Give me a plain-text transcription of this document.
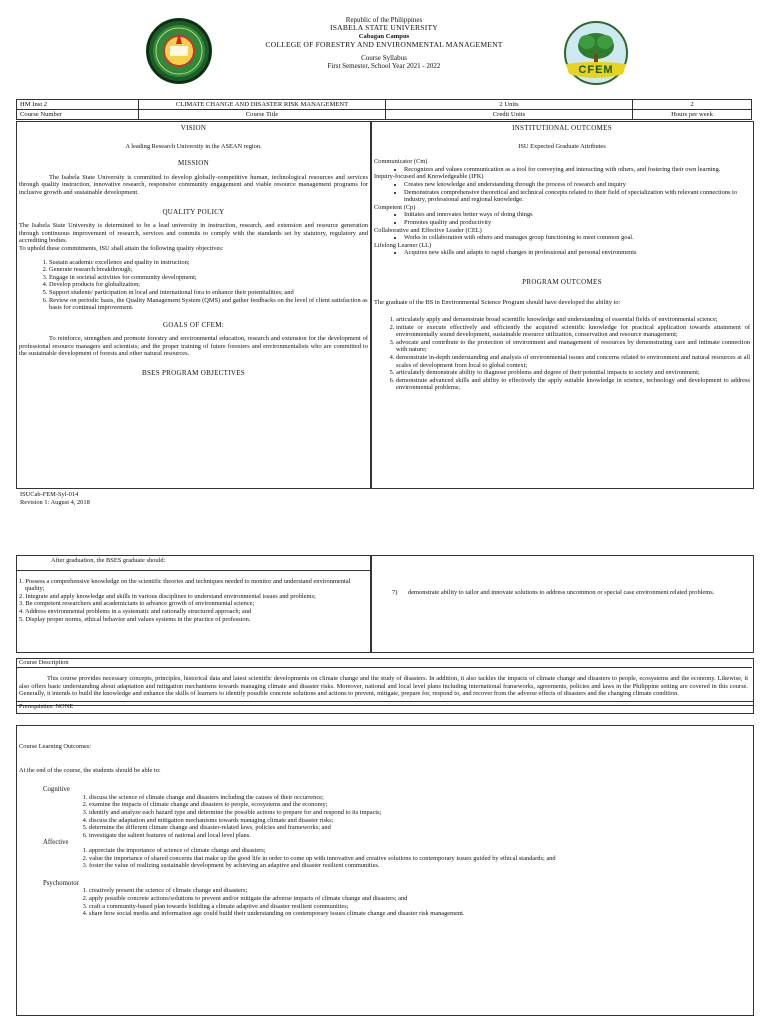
CFEM
Republic of the Philippines
ISABELA STATE UNIVERSITY
Cabagan Campus
COLLEGE OF FORESTRY AND ENVIRONMENTAL MANAGEMENT
Course Syllabus
First Semester, School Year 2021 - 2022
HM Inst 2	CLIMATE CHANGE AND DISASTER RISK MANAGEMENT	2 Units	2
Course Number	Course Title	Credit Units	Hours per week
VISION
A leading Research University in the ASEAN region.
MISSION
The Isabela State University is committed to develop globally-competitive human, technological resources and services through quality instruction, innovative research, responsive community engagement and viable resource management programs for inclusive growth and sustainable development.
QUALITY POLICY
The Isabela State University is determined to be a lead university in instruction, research, and extension and resource generation through continuous improvement of research, services and commits to comply with the standards set by statutory, regulatory and accrediting bodies.
To uphold these commitments, ISU shall attain the following quality objectives:
1. Sustain academic excellence and quality in instruction;
2. Generate research breakthrough;
3. Engage in societal activities for community development;
4. Develop products for globalization;
5. Support students' participation in local and international fora to enhance their potentialities; and
6. Review on periodic basis, the Quality Management System (QMS) and gather feedbacks on the level of client satisfaction as basis for continual improvement.
GOALS OF CFEM:
To reinforce, strengthen and promote forestry and environmental education, research and extension for the development of professional resource managers and scientists; and the proper training of future foresters and environmentalists who are committed to the sustainable development of forests and other natural resources.
BSES PROGRAM OBJECTIVES
INSTITUTIONAL OUTCOMES
ISU Expected Graduate Attributes
Communicator (Cm)
• Recognizes and values communication as a tool for conveying and interacting with others, and fostering their own learning.
Inquiry-focused and Knowledgeable (IFK)
• Creates new knowledge and understanding through the process of research and inquiry
• Demonstrates comprehensive theoretical and technical concepts related to their field of specialization with relevant connections to industry, professional and regional knowledge.
Competent (Cp)
• Initiates and innovates better ways of doing things
• Promotes quality and productivity
Collaborative and Effective Leader (CEL)
• Works in collaboration with others and manages group functioning to meet common goal.
Lifelong Learner (LL)
• Acquires new skills and adapts to rapid changes in professional and personal environments
PROGRAM OUTCOMES
The graduate of the BS in Environmental Science Program should have developed the ability to:
1. articulately apply and demonstrate broad scientific knowledge and understanding of essential fields of environmental science;
2. initiate or execute effectively and efficiently the acquired scientific knowledge for practical application towards attainment of environmentally sound development, sustainable resource utilization, conservation and resource management;
3. advocate and contribute to the protection of environment and management of resources by demonstrating care and intimate connection with nature;
4. demonstrate in-depth understanding and analysis of environmental issues and concerns related to environment and natural resources at all scales of development from local to global context;
5. articulately demonstrate ability to diagnose problems and degree of their potential impacts to society and environment;
6. demonstrate advanced skills and ability to effectively the apply suitable knowledge in science, technology and development to address environmental problems;
ISUCab-FEM-Syl-014
Revision 1: August 4, 2018
After graduation, the BSES graduate should:
1. Possess a comprehensive knowledge on the scientific theories and techniques needed to monitor and understand environmental quality;
2. Integrate and apply knowledge and skills in various disciplines to understand environmental issues and problems;
3. Be competent researchers and academicians to advance growth of environmental science;
4. Address environmental problems in a systematic and rationally structured approach; and
5. Display proper norms, ethical behavior and values systems in the practice of profession.
7) demonstrate ability to tailor and innovate solutions to address uncommon or special case environment related problems.
Course Description
This course provides necessary concepts, principles, historical data and latest scientific developments on climate change and the study of disasters. In addition, it also tackles the impacts of climate change and disasters to people, ecosystems and the economy. Likewise, it also offers basic understanding about adaptation and mitigation mechanisms towards managing climate and disaster risks. Moreover, national and local level plans including international frameworks, agreements, policies and laws in the Philippine setting are covered in this course. Generally, it intends to build the knowledge and enhance the skills of learners to identify possible concrete solutions and actions to prevent, mitigate, prepare for, respond to, and recover from the adverse effects of disasters and the changing climate condition.
Prerequisites: NONE
Course Learning Outcomes:
At the end of the course, the students should be able to:
Cognitive
1. discuss the science of climate change and disasters including the causes of their occurrence;
2. examine the impacts of climate change and disasters to people, ecosystems and the economy;
3. identify and analyze each hazard type and determine the possible actions to prepare for and respond to its impacts;
4. discuss the adaptation and mitigation mechanisms towards managing climate and disaster risks;
5. determine the different climate change and disaster-related laws, policies and frameworks; and
6. investigate the salient features of national and local level plans.
Affective
1. appreciate the importance of science of climate change and disasters;
2. value the importance of shared concerns that make up the good life in order to come up with innovative and creative solutions to contemporary issues guided by ethical standards; and
3. foster the value of realizing sustainable development by achieving an adaptive and disaster resilient communities.
Psychomotor
1. creatively present the science of climate change and disasters;
2. apply possible concrete actions/solutions to prevent and/or mitigate the adverse impacts of climate change and disasters; and
3. craft a community-based plan towards building a climate adaptive and disaster resilient communities;
4. share how social media and information age could build their understanding on contemporary issues climate change and disaster risk management.
